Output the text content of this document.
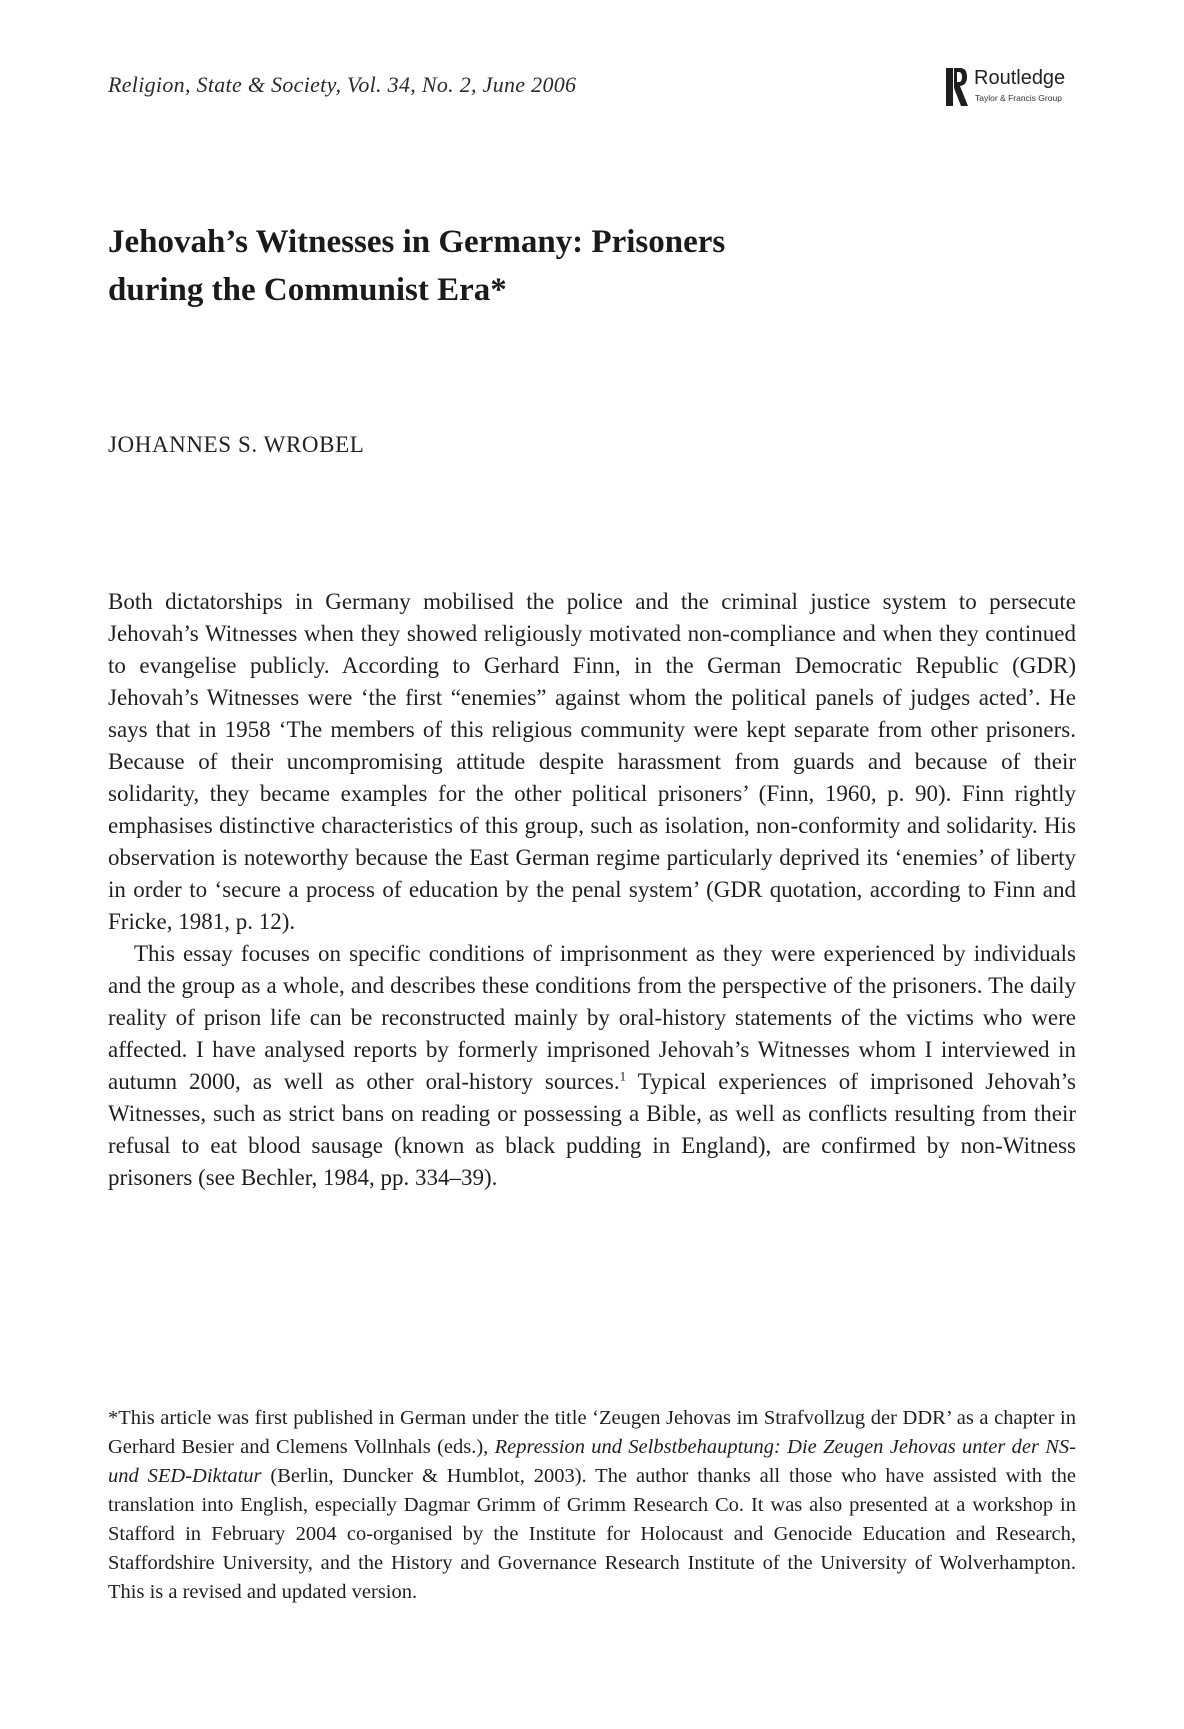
Religion, State & Society, Vol. 34, No. 2, June 2006	Routledge
Taylor & Francis Group
Jehovah’s Witnesses in Germany: Prisoners
during the Communist Era*
JOHANNES S. WROBEL

Both dictatorships in Germany mobilised the police and the criminal justice system to persecute Jehovah’s Witnesses when they showed religiously motivated non-compliance and when they continued to evangelise publicly. According to Gerhard Finn, in the German Democratic Republic (GDR) Jehovah’s Witnesses were ‘the first “enemies” against whom the political panels of judges acted’. He says that in 1958 ‘The members of this religious community were kept separate from other prisoners. Because of their uncompromising attitude despite harassment from guards and because of their solidarity, they became examples for the other political prisoners’ (Finn, 1960, p. 90). Finn rightly emphasises distinctive characteristics of this group, such as isolation, non-conformity and solidarity. His observation is noteworthy because the East German regime particularly deprived its ‘enemies’ of liberty in order to ‘secure a process of education by the penal system’ (GDR quotation, according to Finn and Fricke, 1981, p. 12).

This essay focuses on specific conditions of imprisonment as they were experienced by individuals and the group as a whole, and describes these conditions from the perspective of the prisoners. The daily reality of prison life can be reconstructed mainly by oral-history statements of the victims who were affected. I have analysed reports by formerly imprisoned Jehovah’s Witnesses whom I interviewed in autumn 2000, as well as other oral-history sources.$^1$ Typical experiences of imprisoned Jehovah’s Witnesses, such as strict bans on reading or possessing a Bible, as well as conflicts resulting from their refusal to eat blood sausage (known as black pudding in England), are confirmed by non-Witness prisoners (see Bechler, 1984, pp. 334–39).

*This article was first published in German under the title ‘Zeugen Jehovas im Strafvollzug der DDR’ as a chapter in Gerhard Besier and Clemens Vollnhals (eds.), Repression und Selbstbehauptung: Die Zeugen Jehovas unter der NS- und SED-Diktatur (Berlin, Duncker & Humblot, 2003). The author thanks all those who have assisted with the translation into English, especially Dagmar Grimm of Grimm Research Co. It was also presented at a workshop in Stafford in February 2004 co-organised by the Institute for Holocaust and Genocide Education and Research, Staffordshire University, and the History and Governance Research Institute of the University of Wolverhampton. This is a revised and updated version.
